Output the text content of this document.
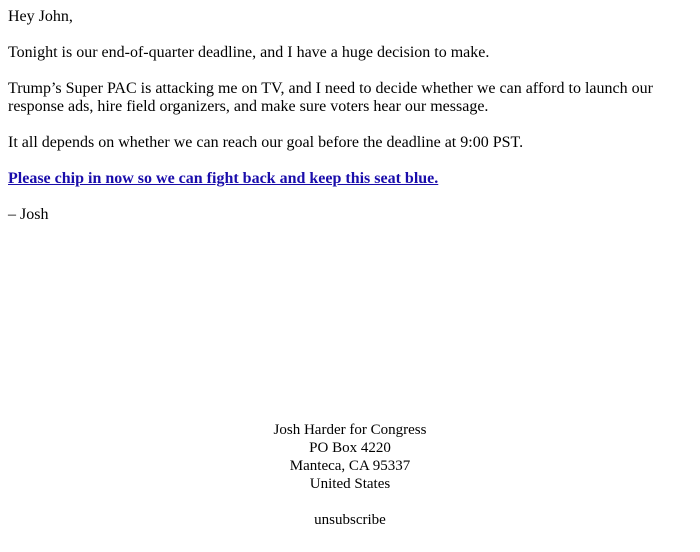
Hey John,

Tonight is our end-of-quarter deadline, and I have a huge decision to make.

Trump’s Super PAC is attacking me on TV, and I need to decide whether we can afford to launch our response ads, hire field organizers, and make sure voters hear our message.

It all depends on whether we can reach our goal before the deadline at 9:00 PST.

Please chip in now so we can fight back and keep this seat blue.

– Josh

Josh Harder for Congress
PO Box 4220
Manteca, CA 95337
United States
unsubscribe
